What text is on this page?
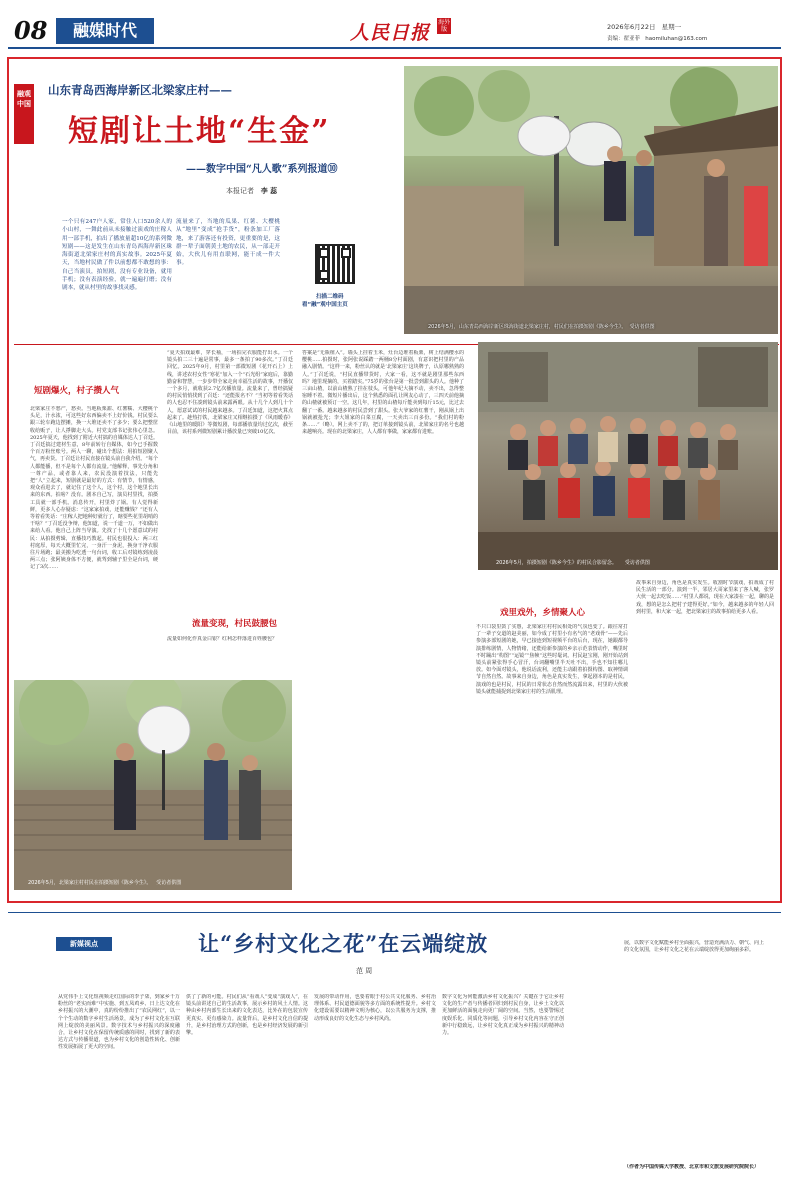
08	融媒时代	人民日报 海外版	2026年6月22日 星期一
责编：翟亚菲 haomiluhan@163.com
融观中国
山东青岛西海岸新区北梁家庄村——
短剧让土地“生金”
——数字中国“凡人歌”系列报道⑩
本报记者 李 蕊
一个只有247户人家，常住人口520余人的小山村，一舞此前从未接触过演戏的庄稼人用一部手机，拍出了播放量超10亿的系列微短剧——这是发生在山东青岛西海岸新区珠海街道北梁家庄村的真实故事。2025年夏天，当地村民做了件以前想都不敢想的事：自己当演员，拍短剧，没有专业设备，就用手机；没有表演经验，就一遍遍打磨；没有剧本，就从村里的故事找灵感。
流量来了，当地的瓜果、红薯、大樱桃从“地里”变成“抢手货”，粉条加工厂落地，来了游客还有投资，更重要的是，这群一辈子面朝黄土地的农民，从一部走开始，大伙儿有用直联网，能干成一件大事。
扫描二维码
看“融”观中国主页
2026年5月，山东青岛西海岸新区珠海街道北梁家庄村，村民们在拍摄短剧《陈乡今生》。 受访者供图
短剧爆火，村子攒人气
北梁家庄不愁产，愁卖。当地板栗甜、红薯糯、大樱桃个头足，汁水浓，可这些好东西偏卖不上好价钱。村民要么跟三轮车跑边摆摊，换一大堆还卖不了多少；要么把整筐收给贩子，让人掙脚走大头。村党支部书记张伟心里急。2025年夏天，他找到了附近大村搞的自媒体达人丁召廷。丁召廷搞过建材生意，8年前转行自媒体，如今已手握数个百万粉丝账号。两人一聊，碰出个想法：用拍短剧聚人气，再卖货。丁召廷让村民直接在镜头前自我介绍。“每个人都能播，但不是每个人都有流量。”他解释，事先分角和一尊产品，或者靠人来，农民没演着技法，只能先把“人”立起来，短剧就是最好的方式：有情节，有情感，观众看进去了，就记住了这个人，这个村，这个地里长出来的东西。拍啥？没有。剧本自己写，演员村里找，拍摄工具就一部手机。消息传开，村里炸了锅。有人觉得新鲜，更多人心存疑虑：“这家家拍戏，还能赚钱？”还有人等着看笑话：“庄稼人把地种好就行了，瞎要些花里胡哨的干啥？”丁召廷没争辩，他知道，说一千道一万，不如做出来给人看。他自己上阵当导演。先找了十几个愿意试的村民：从拍摄剪辑，直播技巧教起。村民也很投入：两三红村庭厚，每天大概里忙完，一身汗一身泥，换身干净衣服往片场跑；最美搬为吃透一句台词，收工后对镜练到凌晨两三点；张阿姨身体不方便，就驾到辅子里全是台词，硬记了3次……
“夏天拍戏最难，穿长袖，一场拍完衣服能拧出水。一个镜头拍二三十遍是常事，最多一条拍了90多次。”丁召廷回忆。2025年9月，村里第一部微短剧《花开石上》上线，讲述农村女性“寒花”加入一个“石光组”家庭后，靠勤勤奋和智慧，一步步带全家走向幸福生活的故事，开播仅一个多月，就收获2.7亿次播放量。流量来了，曾经搞疑的村民悄悄找到了召廷：“还能报名不？”当初等着看笑话的人也忍不住凑到镜头前来露两眼。从十几个人到几十个人，愿意试试的村民越来越多。丁召廷知道，这把火算点起来了。趁热打铁，北梁家庄又相继拍摄了《风雨暖春》《山地里的暖阳》等微短剧，每部播放量均过亿次，截至目前，该村系列微短剧累计播放量已突破10亿次。
流量变现，村民鼓腰包
流量如何化作真金白银？红利怎样落进百姓腰包？
答案是“无瓶植入”。墙头上挂着玉米，灶台边堆着板栗，树上结满樱水的樱桃……拍摄时，张阿张说踩踏一两桶8分村面剧，有意识把村里的产品融入剧情。“这样一来，粉丝认的就是‘北梁家庄’这块牌子，认原哪熟熟的人。”丁召廷说，“村民直播带货时，大家一看，这不就是剧里那些东西吗？地里现摘的，买着踏实。”75岁的张台是第一批尝到甜头的人。他种了三亩山楂，以前山楂熟了挂在枝头，可他年纪大摘不动，卖不出，急得整宿睡不着。微短片播出后，这个熟悉的面孔让网友心动了，三四天前他摘的山楂就被预订一空。这几年，村里的山楂每斤能卖到每斤15元，比过去翻了一番。越来越多的村民尝到了甜头。张大爷家的红薯干，刚从锅上出锅就被抢光；李大姐家的白菜豆腐，一天卖出三百多份。“我们村的粉条……”（略）。网上卖不了的，把订单接到镜头前，北梁家庄的名号也越来越响亮。现在的北梁家庄，人人都有事做，家家都有进账。
2026年5月，拍摄短剧《陈乡今生》的村民合影留念。 受访者供图
2026年5月，北梁家庄村村民在拍摄短剧《陈乡今生》。 受访者供图
戏里戏外，乡情聚人心
不只口袋里鼓了实惠，北梁家庄村村民相处的气氛也变了。跟往常打了一辈子交道的赵美丽，如今成了村里小有名气的“老戏骨”——先后参演多部短剧的她，早已接连到短视频平台的后台，现在，她跟都导演排练剧情，人物情绪，还能给新参演的乡亲示范表情动作，嘴里时不时蹦出“构图”“运镜”“焦帧”这些时髦词。村民赵宝刚，刚开始站到镜头前紧张得手心冒汗，台词翻嘴里半天吐不出，手也不知往哪儿放。如今面对镜头，他说话流利，还能主动跟着拍摄构图、取神情调节自然自然。故事来自身边，角色是真实发生，拿起剧本的是村民，演戏的也是村民，村民的日常状态自然而然流露出来，村里的大伙被镜头就能捕捉到北梁家庄村的生活肌理。
故事来自身边，角色是真实发生。收割时节演戏，拍戏成了村民生活的一部分。演到一半，邻居大哥家里来了客人喊，张罗大伙一起去吃饭……“村里人都说，现在大家凑在一起，聊的是戏，想的是怎么把村子建得更好。”如今，越来越多的年轻人回到村里，和大家一起，把北梁家庄的故事拍给更多人看。
新媒视点	让“乡村文化之花”在云端绽放
范 周
从党伟手上文化短视频走红国际的李子柒，到家乡千万粉丝的“老实而难”中实施、到五凤鸡乡、日上达文化在乡村振兴的大潮中，真的纷纷推出了“农民网红”，以一个个生动的数字乡村生活场景，成为了乡村文化在互联网上绽放的美丽风景。数字技术与乡村振兴的深度融合，让乡村文化在保留传统质感的同时，找到了新的表达方式与传播渠道，也为乡村文化的创造性转化、创新性发展拓展了更大的空间。
供了了新的可能。村民们从“看戏人”变成“演戏人”，在镜头前讲述自己的生活故事，展示乡村的风土人情。这种由乡村内部生长出来的文化表达，比外在的包装宣传更真实、更有感染力。流量背后，是乡村文化自信的提升，是乡村治理方式的创新，也是乡村经济发展的新引擎。
发展的带动作用，也要着眼于村公共文化服务、乡村治理体系、村民道德面貌等多方面的系统性提升。乡村文化建设需要以精神文明为核心，以公共服务为支撑，推动形成良好的文化生态与乡村风尚。
数字文化为何能激活乡村文化振兴？关键在于它让乡村文化的生产者与传播者回归到村民自身，让乡土文化以更加鲜活的面貌走向更广阔的空间。当然，也要警惕过度娱乐化、同质化等问题，引导乡村文化内容在守正创新中行稳致远，让乡村文化真正成为乡村振兴的精神动力。
展，以数字文化赋能乡村全面振兴，营造充满活力、朝气、向上的文化氛围，让乡村文化之花在云端绽放得更加绚丽多彩。
（作者为中国传媒大学教授、北京市和文旅发展研究院院长）
